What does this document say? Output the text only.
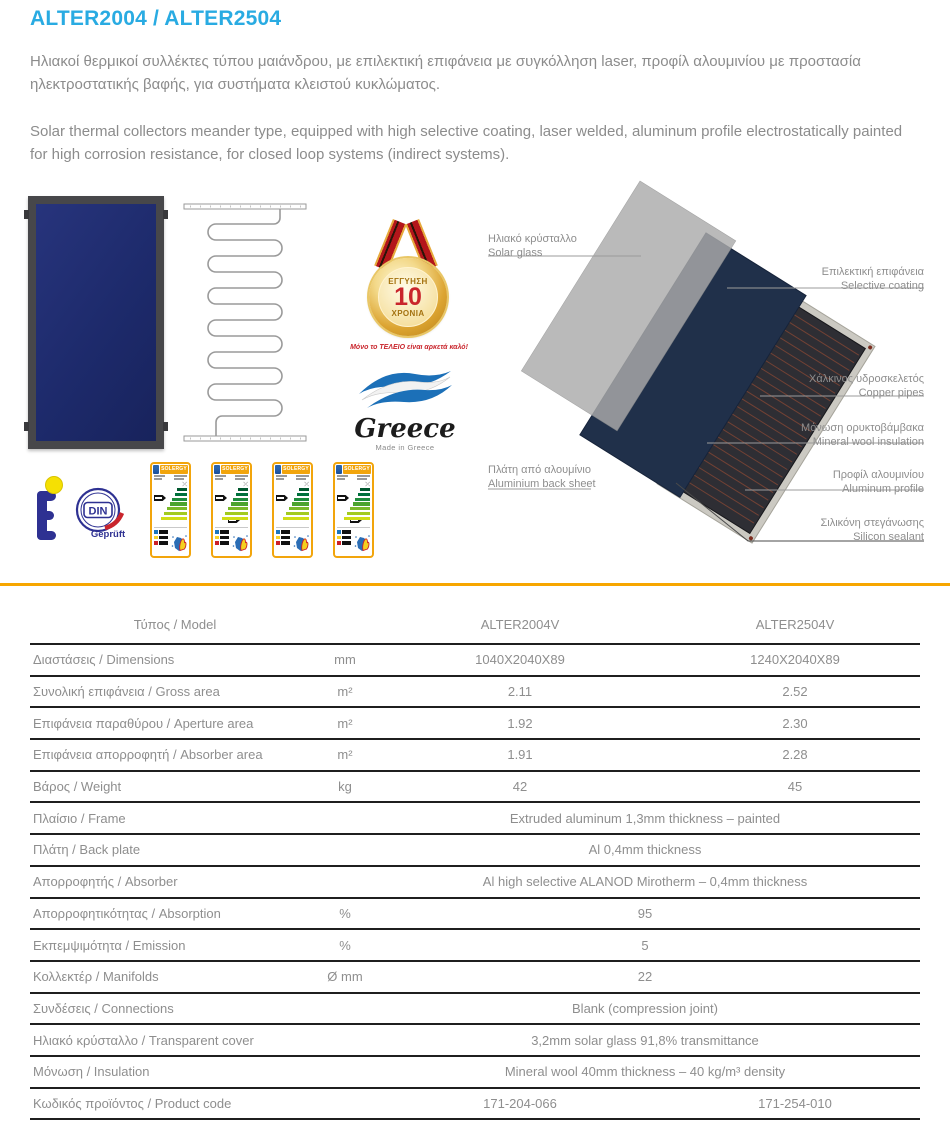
ALTER2004 / ALTER2504
Ηλιακοί θερμικοί συλλέκτες τύπου μαιάνδρου, με επιλεκτική επιφάνεια με συγκόλληση laser, προφίλ αλουμινίου με προστασία ηλεκτροστατικής βαφής, για συστήματα κλειστού κυκλώματος.
Solar thermal collectors meander type, equipped with high selective coating, laser welded, aluminum profile electrostatically painted for high corrosion resistance, for closed loop systems (indirect systems).
ΕΓΓΥΗΣΗ
10
ΧΡΟΝΙΑ
Μόνο το ΤΕΛΕΙΟ είναι αρκετά καλό!
Greece
Made in Greece
DIN
Geprüft
SOLERGY
⤫
SOLERGY
⤫
SOLERGY
⤫
SOLERGY
⤫
Ηλιακό κρύσταλλο
Solar glass
Επιλεκτική επιφάνεια
Selective coating
Χάλκινος υδροσκελετός
Copper pipes
Μόνωση ορυκτοβάμβακα
Mineral wool insulation
Πλάτη από αλουμίνιο
Aluminium back sheet
Προφίλ αλουμινίου
Aluminum profile
Σιλικόνη στεγάνωσης
Silicon sealant
Τύπος / Model	ALTER2004V	ALTER2504V
Διαστάσεις / Dimensions	mm	1040X2040X89	1240X2040X89
Συνολική επιφάνεια / Gross area	m²	2.11	2.52
Επιφάνεια παραθύρου / Aperture area	m²	1.92	2.30
Επιφάνεια απορροφητή / Absorber area	m²	1.91	2.28
Βάρος / Weight	kg	42	45
Πλαίσιο / Frame	Extruded aluminum 1,3mm thickness – painted
Πλάτη / Back plate	Al 0,4mm thickness
Απορροφητής / Absorber	Al high selective ALANOD Mirotherm – 0,4mm thickness
Απορροφητικότητας / Absorption	%	95
Εκπεμψιμότητα / Emission	%	5
Κολλεκτέρ / Manifolds	Ø mm	22
Συνδέσεις / Connections	Blank (compression joint)
Ηλιακό κρύσταλλο / Transparent cover	3,2mm solar glass 91,8% transmittance
Μόνωση / Insulation	Mineral wool 40mm thickness – 40 kg/m³ density
Κωδικός προϊόντος / Product code	171-204-066	171-254-010
